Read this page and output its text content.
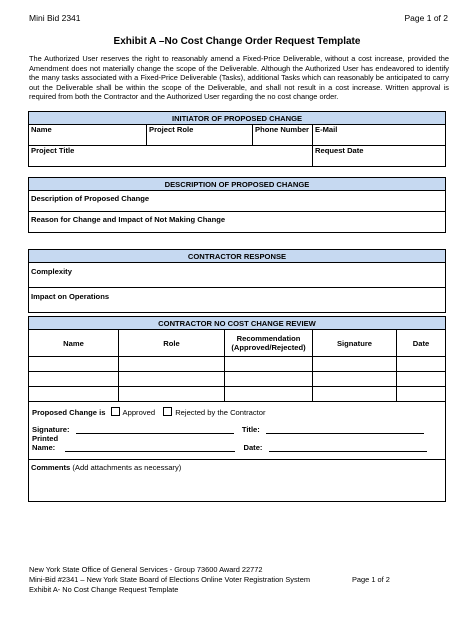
Mini Bid 2341	Page 1 of 2
Exhibit A –No Cost Change Order Request Template
The Authorized User reserves the right to reasonably amend a Fixed-Price Deliverable, without a cost increase, provided the Amendment does not materially change the scope of the Deliverable. Although the Authorized User has endeavored to identify the many tasks associated with a Fixed-Price Deliverable (Tasks), additional Tasks which can reasonably be anticipated to carry out the Deliverable shall be within the scope of the Deliverable, and shall not result in a cost increase. Written approval is required from both the Contractor and the Authorized User regarding the no cost change order.
INITIATOR OF PROPOSED CHANGE			
Name	Project Role	Phone Number	E-Mail
Project Title			Request Date
DESCRIPTION OF PROPOSED CHANGE
Description of Proposed Change
Reason for Change and Impact of Not Making Change
CONTRACTOR RESPONSE
Complexity
Impact on Operations
CONTRACTOR NO COST CHANGE REVIEW				
Name	Role	Recommendation (Approved/Rejected)	Signature	Date

Proposed Change is Approved Rejected by the Contractor
Signature: Title:
Printed
Name: Date:				

Comments (Add attachments as necessary)				
New York State Office of General Services - Group 73600 Award 22772
Mini-Bid #2341 – New York State Board of Elections Online Voter Registration System	Page 1 of 2
Exhibit A- No Cost Change Request Template
